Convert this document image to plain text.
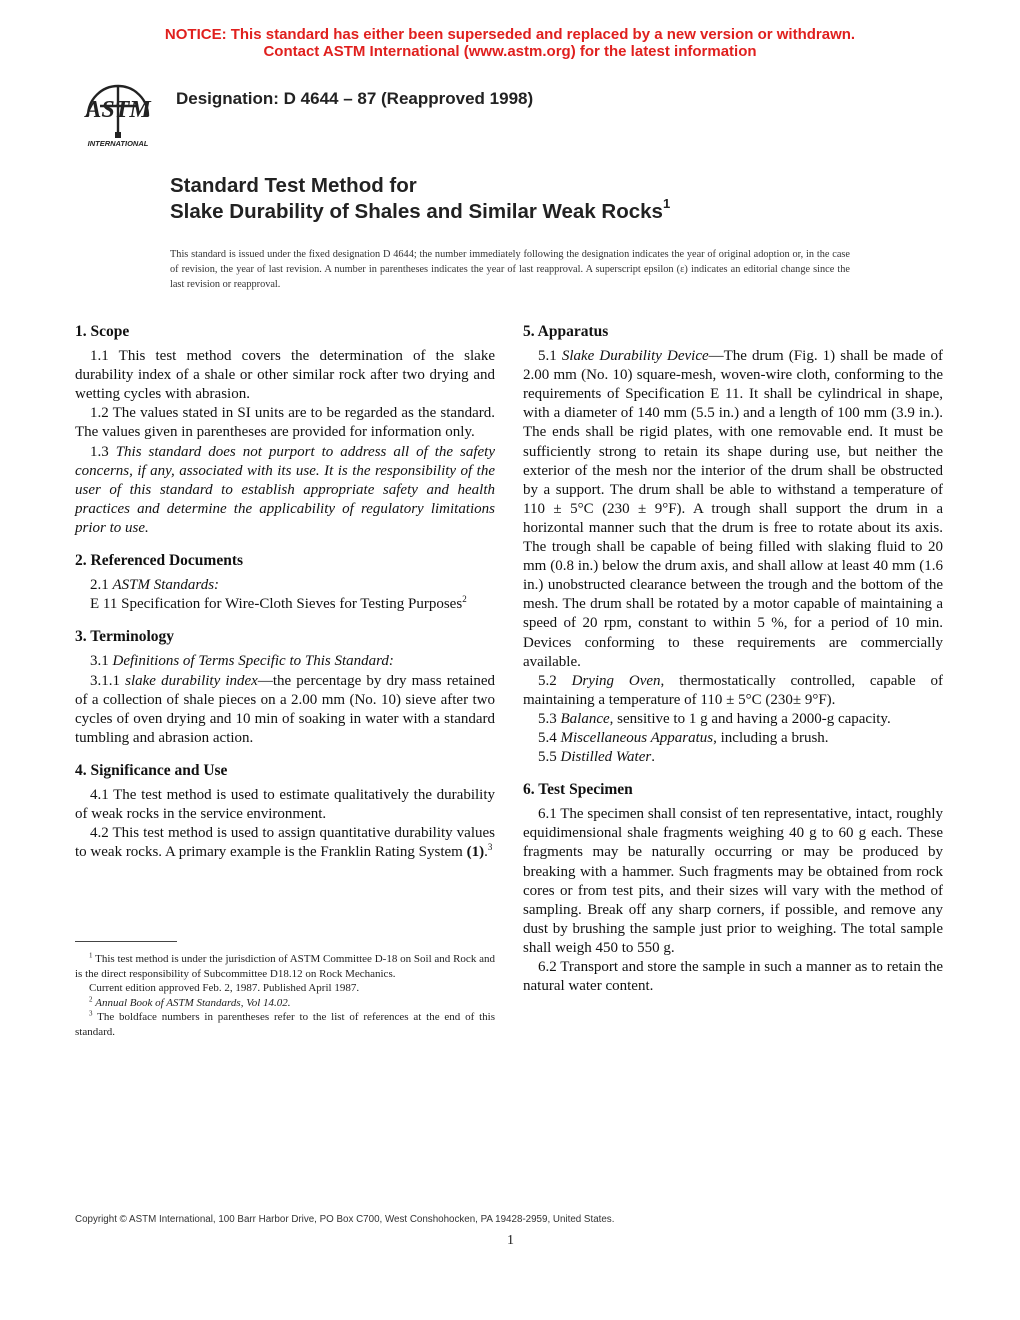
NOTICE: This standard has either been superseded and replaced by a new version or withdrawn.
Contact ASTM International (www.astm.org) for the latest information
ASTM
INTERNATIONAL
Designation: D 4644 – 87 (Reapproved 1998)
Standard Test Method for
Slake Durability of Shales and Similar Weak Rocks$^1$
This standard is issued under the fixed designation D 4644; the number immediately following the designation indicates the year of original adoption or, in the case of revision, the year of last revision. A number in parentheses indicates the year of last reapproval. A superscript epsilon (ε) indicates an editorial change since the last revision or reapproval.
1. Scope

1.1 This test method covers the determination of the slake durability index of a shale or other similar rock after two drying and wetting cycles with abrasion.

1.2 The values stated in SI units are to be regarded as the standard. The values given in parentheses are provided for information only.

1.3 This standard does not purport to address all of the safety concerns, if any, associated with its use. It is the responsibility of the user of this standard to establish appropriate safety and health practices and determine the applicability of regulatory limitations prior to use.

2. Referenced Documents

2.1 ASTM Standards:

E 11 Specification for Wire-Cloth Sieves for Testing Purposes$^2$

3. Terminology

3.1 Definitions of Terms Specific to This Standard:

3.1.1 slake durability index—the percentage by dry mass retained of a collection of shale pieces on a 2.00 mm (No. 10) sieve after two cycles of oven drying and 10 min of soaking in water with a standard tumbling and abrasion action.

4. Significance and Use

4.1 The test method is used to estimate qualitatively the durability of weak rocks in the service environment.

4.2 This test method is used to assign quantitative durability values to weak rocks. A primary example is the Franklin Rating System (1).$^3$

$^1$ This test method is under the jurisdiction of ASTM Committee D-18 on Soil and Rock and is the direct responsibility of Subcommittee D18.12 on Rock Mechanics.

Current edition approved Feb. 2, 1987. Published April 1987.

$^2$ Annual Book of ASTM Standards, Vol 14.02.

$^3$ The boldface numbers in parentheses refer to the list of references at the end of this standard.

5. Apparatus

5.1 Slake Durability Device—The drum (Fig. 1) shall be made of 2.00 mm (No. 10) square-mesh, woven-wire cloth, conforming to the requirements of Specification E 11. It shall be cylindrical in shape, with a diameter of 140 mm (5.5 in.) and a length of 100 mm (3.9 in.). The ends shall be rigid plates, with one removable end. It must be sufficiently strong to retain its shape during use, but neither the exterior of the mesh nor the interior of the drum shall be obstructed by a support. The drum shall be able to withstand a temperature of 110 ± 5°C (230 ± 9°F). A trough shall support the drum in a horizontal manner such that the drum is free to rotate about its axis. The trough shall be capable of being filled with slaking fluid to 20 mm (0.8 in.) below the drum axis, and shall allow at least 40 mm (1.6 in.) unobstructed clearance between the trough and the bottom of the mesh. The drum shall be rotated by a motor capable of maintaining a speed of 20 rpm, constant to within 5 %, for a period of 10 min. Devices conforming to these requirements are commercially available.

5.2 Drying Oven, thermostatically controlled, capable of maintaining a temperature of 110 ± 5°C (230± 9°F).

5.3 Balance, sensitive to 1 g and having a 2000-g capacity.

5.4 Miscellaneous Apparatus, including a brush.

5.5 Distilled Water.

6. Test Specimen

6.1 The specimen shall consist of ten representative, intact, roughly equidimensional shale fragments weighing 40 g to 60 g each. These fragments may be naturally occurring or may be produced by breaking with a hammer. Such fragments may be obtained from rock cores or from test pits, and their sizes will vary with the method of sampling. Break off any sharp corners, if possible, and remove any dust by brushing the sample just prior to weighing. The total sample shall weigh 450 to 550 g.

6.2 Transport and store the sample in such a manner as to retain the natural water content.

Copyright © ASTM International, 100 Barr Harbor Drive, PO Box C700, West Conshohocken, PA 19428-2959, United States.
1
